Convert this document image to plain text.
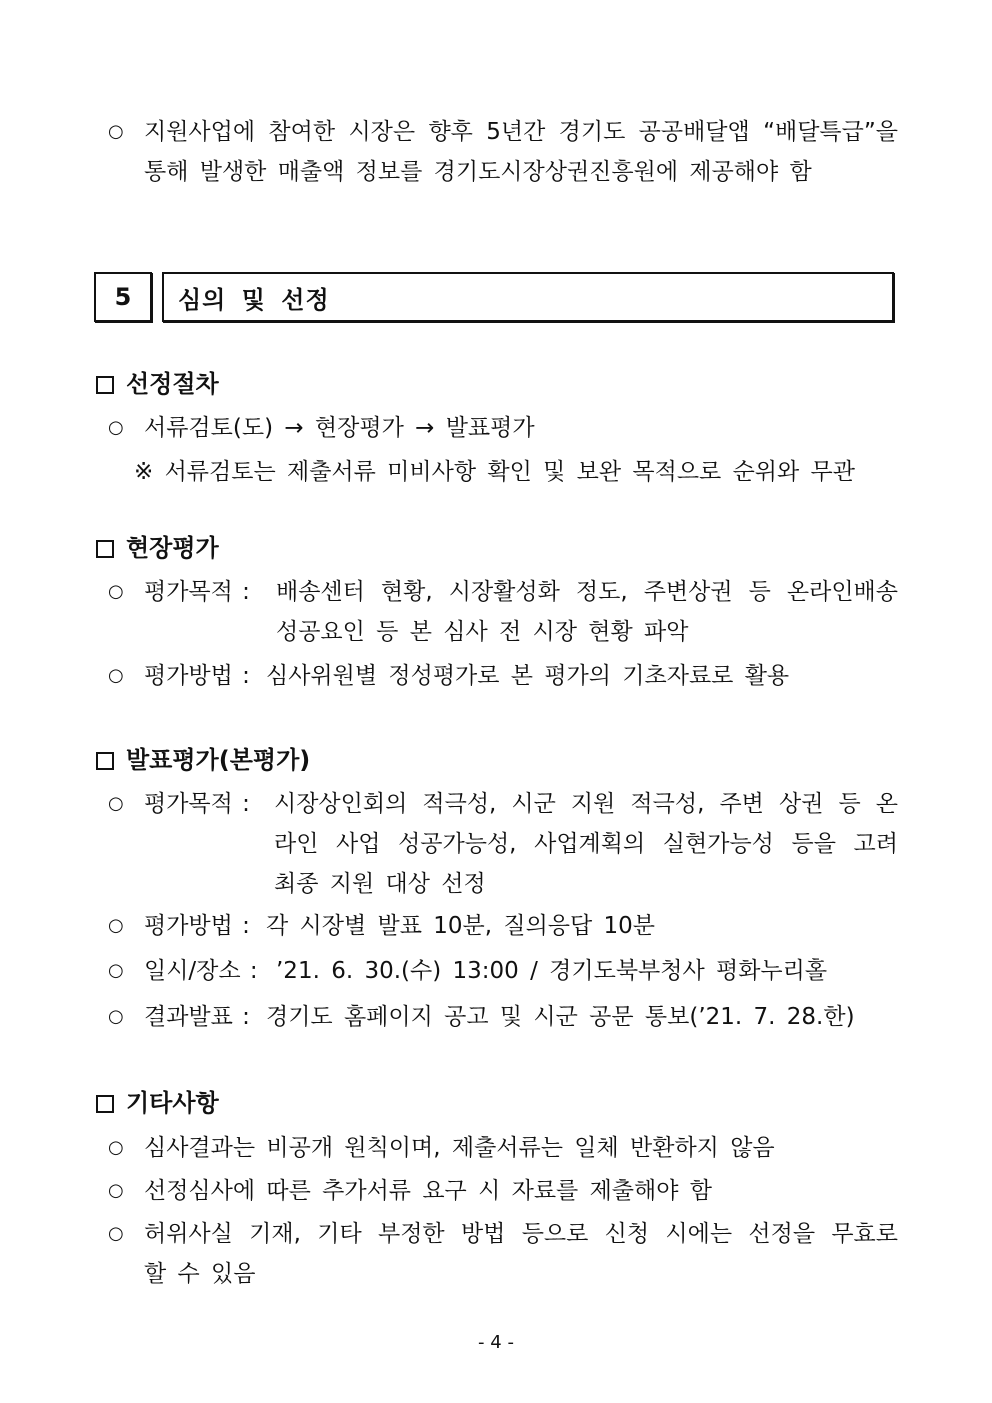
○ 지원사업에 참여한 시장은 향후 5년간 경기도 공공배달앱 “배달특급”을
통해 발생한 매출액 정보를 경기도시장상권진흥원에 제공해야 함
5	심의 및 선정
선정절차
○ 서류검토(도) → 현장평가 → 발표평가
※ 서류검토는 제출서류 미비사항 확인 및 보완 목적으로 순위와 무관
현장평가
○ 평가목적 : 배송센터 현황, 시장활성화 정도, 주변상권 등 온라인배송
성공요인 등 본 심사 전 시장 현황 파악
○ 평가방법 : 심사위원별 정성평가로 본 평가의 기초자료로 활용
발표평가(본평가)
○ 평가목적 : 시장상인회의 적극성, 시군 지원 적극성, 주변 상권 등 온
라인 사업 성공가능성, 사업계획의 실현가능성 등을 고려
최종 지원 대상 선정
○ 평가방법 : 각 시장별 발표 10분, 질의응답 10분
○ 일시/장소 : ’21. 6. 30.(수) 13:00 / 경기도북부청사 평화누리홀
○ 결과발표 : 경기도 홈페이지 공고 및 시군 공문 통보(’21. 7. 28.한)
기타사항
○ 심사결과는 비공개 원칙이며, 제출서류는 일체 반환하지 않음
○ 선정심사에 따른 추가서류 요구 시 자료를 제출해야 함
○ 허위사실 기재, 기타 부정한 방법 등으로 신청 시에는 선정을 무효로
할 수 있음
- 4 -
